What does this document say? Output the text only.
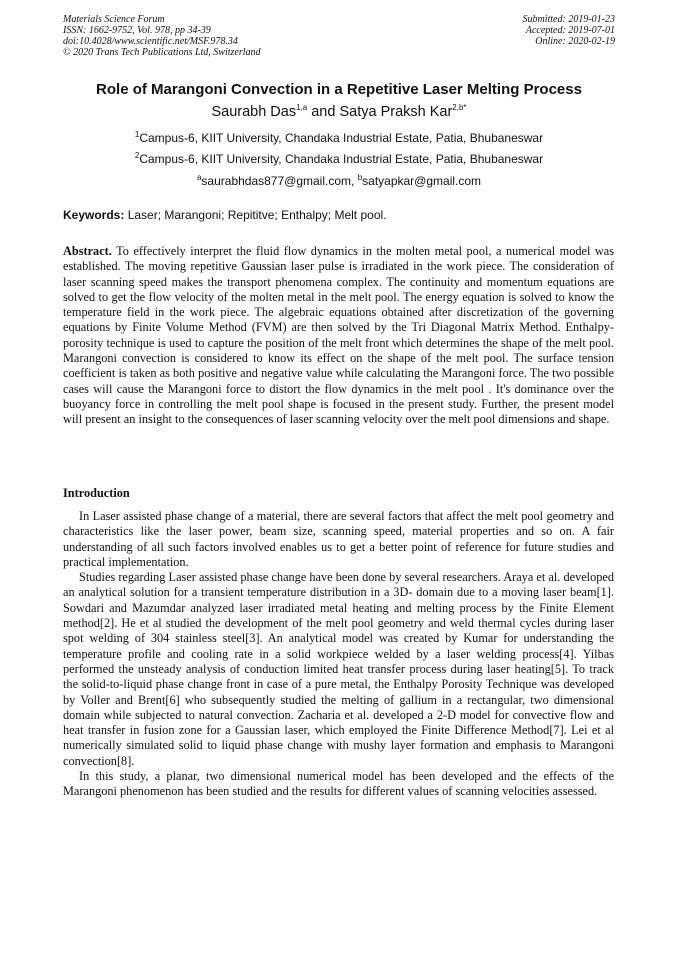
Materials Science Forum
ISSN: 1662-9752, Vol. 978, pp 34-39
doi:10.4028/www.scientific.net/MSF.978.34
© 2020 Trans Tech Publications Ltd, Switzerland
Submitted: 2019-01-23
Accepted: 2019-07-01
Online: 2020-02-19
Role of Marangoni Convection in a Repetitive Laser Melting Process
Saurabh Das$^{1,a}$ and Satya Praksh Kar$^{2,b*}$
$^1$Campus-6, KIIT University, Chandaka Industrial Estate, Patia, Bhubaneswar
$^2$Campus-6, KIIT University, Chandaka Industrial Estate, Patia, Bhubaneswar
$^a$saurabhdas877@gmail.com, $^b$satyapkar@gmail.com
Keywords: Laser; Marangoni; Repititve; Enthalpy; Melt pool.
Abstract. To effectively interpret the fluid flow dynamics in the molten metal pool, a numerical model was established. The moving repetitive Gaussian laser pulse is irradiated in the work piece. The consideration of laser scanning speed makes the transport phenomena complex. The continuity and momentum equations are solved to get the flow velocity of the molten metal in the melt pool. The energy equation is solved to know the temperature field in the work piece. The algebraic equations obtained after discretization of the governing equations by Finite Volume Method (FVM) are then solved by the Tri Diagonal Matrix Method. Enthalpy-porosity technique is used to capture the position of the melt front which determines the shape of the melt pool. Marangoni convection is considered to know its effect on the shape of the melt pool. The surface tension coefficient is taken as both positive and negative value while calculating the Marangoni force. The two possible cases will cause the Marangoni force to distort the flow dynamics in the melt pool . It's dominance over the buoyancy force in controlling the melt pool shape is focused in the present study. Further, the present model will present an insight to the consequences of laser scanning velocity over the melt pool dimensions and shape.
Introduction

In Laser assisted phase change of a material, there are several factors that affect the melt pool geometry and characteristics like the laser power, beam size, scanning speed, material properties and so on. A fair understanding of all such factors involved enables us to get a better point of reference for future studies and practical implementation.

Studies regarding Laser assisted phase change have been done by several researchers. Araya et al. developed an analytical solution for a transient temperature distribution in a 3D- domain due to a moving laser beam[1]. Sowdari and Mazumdar analyzed laser irradiated metal heating and melting process by the Finite Element method[2]. He et al studied the development of the melt pool geometry and weld thermal cycles during laser spot welding of 304 stainless steel[3]. An analytical model was created by Kumar for understanding the temperature profile and cooling rate in a solid workpiece welded by a laser welding process[4]. Yilbas performed the unsteady analysis of conduction limited heat transfer process during laser heating[5]. To track the solid-to-liquid phase change front in case of a pure metal, the Enthalpy Porosity Technique was developed by Voller and Brent[6] who subsequently studied the melting of gallium in a rectangular, two dimensional domain while subjected to natural convection. Zacharia et al. developed a 2-D model for convective flow and heat transfer in fusion zone for a Gaussian laser, which employed the Finite Difference Method[7]. Lei et al numerically simulated solid to liquid phase change with mushy layer formation and emphasis to Marangoni convection[8].

In this study, a planar, two dimensional numerical model has been developed and the effects of the Marangoni phenomenon has been studied and the results for different values of scanning velocities assessed.
